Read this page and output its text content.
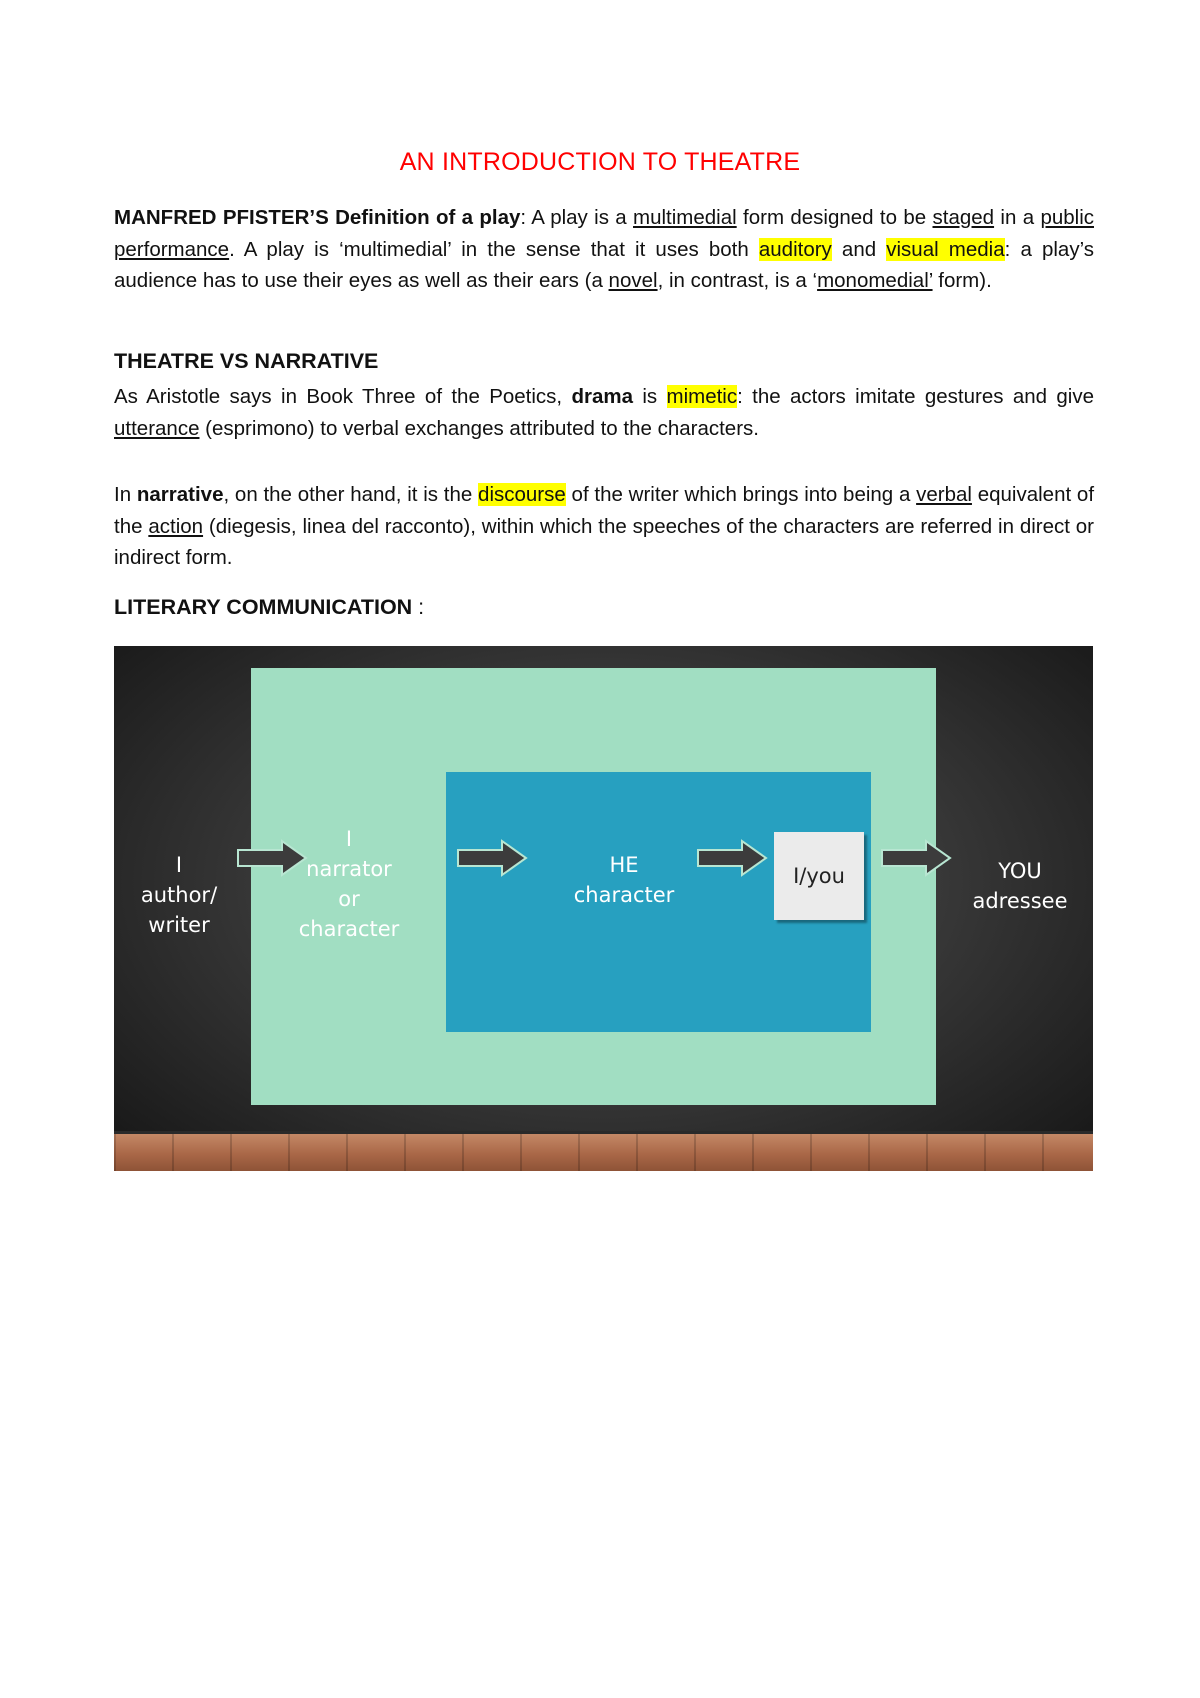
AN INTRODUCTION TO THEATRE
MANFRED PFISTER’S Definition of a play: A play is a multimedial form designed to be staged in a public performance. A play is ‘multimedial’ in the sense that it uses both auditory and visual media: a play’s audience has to use their eyes as well as their ears (a novel, in contrast, is a ‘monomedial’ form).
THEATRE VS NARRATIVE
As Aristotle says in Book Three of the Poetics, drama is mimetic: the actors imitate gestures and give utterance (esprimono) to verbal exchanges attributed to the characters.
In narrative, on the other hand, it is the discourse of the writer which brings into being a verbal equivalent of the action (diegesis, linea del racconto), within which the speeches of the characters are referred in direct or indirect form.
LITERARY COMMUNICATION :
I
author/
writer
I
narrator
or
character
HE
character
I/you	YOU
adressee
